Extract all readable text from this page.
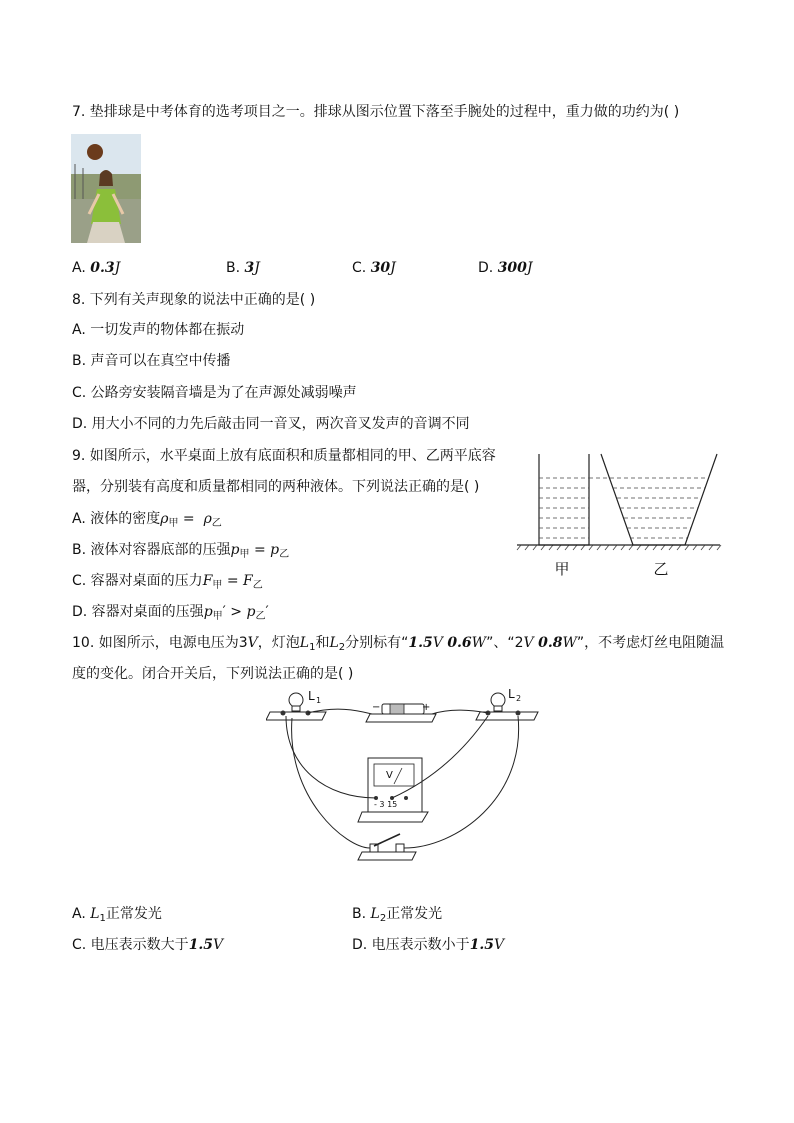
7. 垫排球是中考体育的选考项目之一。排球从图示位置下落至手腕处的过程中，重力做的功约为( )
A. 0.3J	B. 3J	C. 30J	D. 300J
8. 下列有关声现象的说法中正确的是( )
A. 一切发声的物体都在振动
B. 声音可以在真空中传播
C. 公路旁安装隔音墙是为了在声源处减弱噪声
D. 用大小不同的力先后敲击同一音叉，两次音叉发声的音调不同
9. 如图所示，水平桌面上放有底面积和质量都相同的甲、乙两平底容
器，分别装有高度和质量都相同的两种液体。下列说法正确的是( )
A. 液体的密度$\rho_甲 = \rho_乙$
B. 液体对容器底部的压强$p_甲 = p_乙$
C. 容器对桌面的压力$F_甲 = F_乙$
D. 容器对桌面的压强$p_甲' > p_乙'$
甲	乙
10. 如图所示，电源电压为3V，灯泡$L_1$和$L_2$分别标有“1.5V 0.6W”、“2V 0.8W”，不考虑灯丝电阻随温
度的变化。闭合开关后，下列说法正确的是( )
L 1
−	+
L 2
V
- 3 15
A. $L_1$正常发光	B. $L_2$正常发光
C. 电压表示数大于1.5V	D. 电压表示数小于1.5V
